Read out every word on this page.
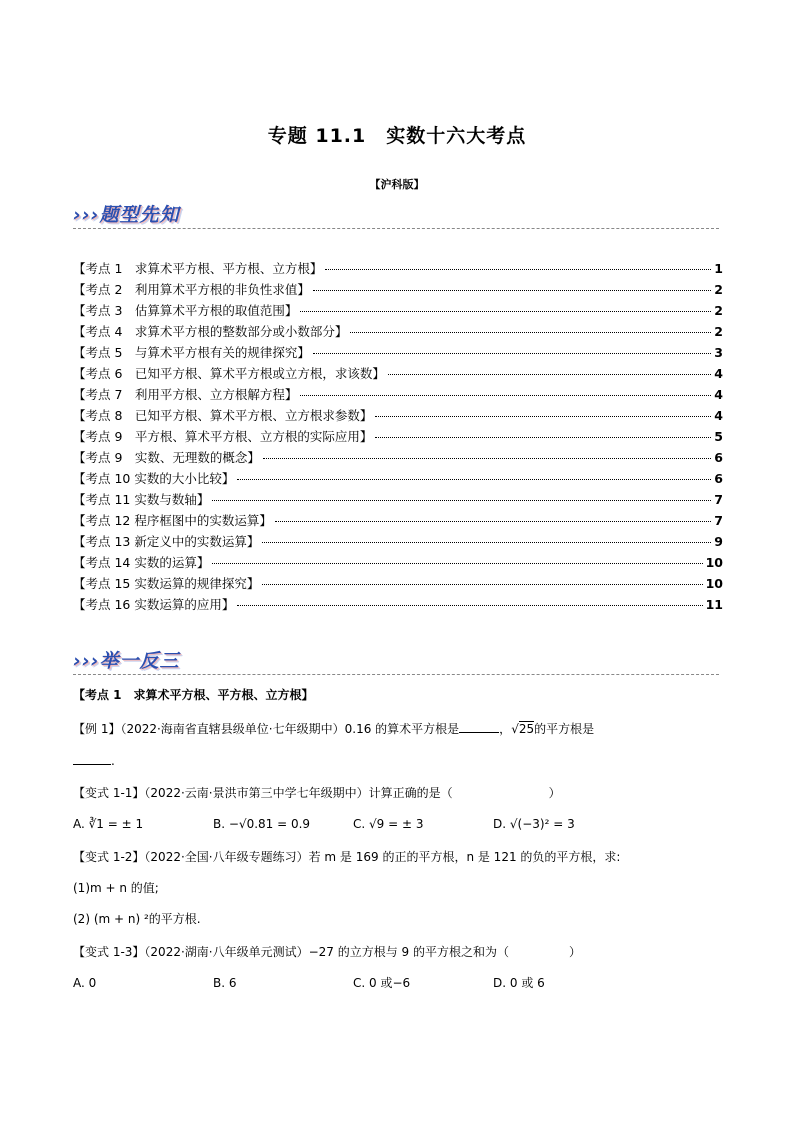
专题 11.1　实数十六大考点
【沪科版】
›››题型先知
【考点 1　求算术平方根、平方根、立方根】	1
【考点 2　利用算术平方根的非负性求值】	2
【考点 3　估算算术平方根的取值范围】	2
【考点 4　求算术平方根的整数部分或小数部分】	2
【考点 5　与算术平方根有关的规律探究】	3
【考点 6　已知平方根、算术平方根或立方根，求该数】	4
【考点 7　利用平方根、立方根解方程】	4
【考点 8　已知平方根、算术平方根、立方根求参数】	4
【考点 9　平方根、算术平方根、立方根的实际应用】	5
【考点 9　实数、无理数的概念】	6
【考点 10 实数的大小比较】	6
【考点 11 实数与数轴】	7
【考点 12 程序框图中的实数运算】	7
【考点 13 新定义中的实数运算】	9
【考点 14 实数的运算】	10
【考点 15 实数运算的规律探究】	10
【考点 16 实数运算的应用】	11
›››举一反三
【考点 1　求算术平方根、平方根、立方根】
【例 1】（2022·海南省直辖县级单位·七年级期中）0.16 的算术平方根是	，√25的平方根是
.
【变式 1-1】（2022·云南·景洪市第三中学七年级期中）计算正确的是（　　　　　　　　）
A. ∛1 = ± 1	B. −√0.81 = 0.9	C. √9 = ± 3	D. √(−3)² = 3
【变式 1-2】（2022·全国·八年级专题练习）若 m 是 169 的正的平方根，n 是 121 的负的平方根，求:
(1)m + n 的值;
(2) (m + n) ²的平方根.
【变式 1-3】（2022·湖南·八年级单元测试）−27 的立方根与 9 的平方根之和为（　　　　　）
A. 0	B. 6	C. 0 或−6	D. 0 或 6
